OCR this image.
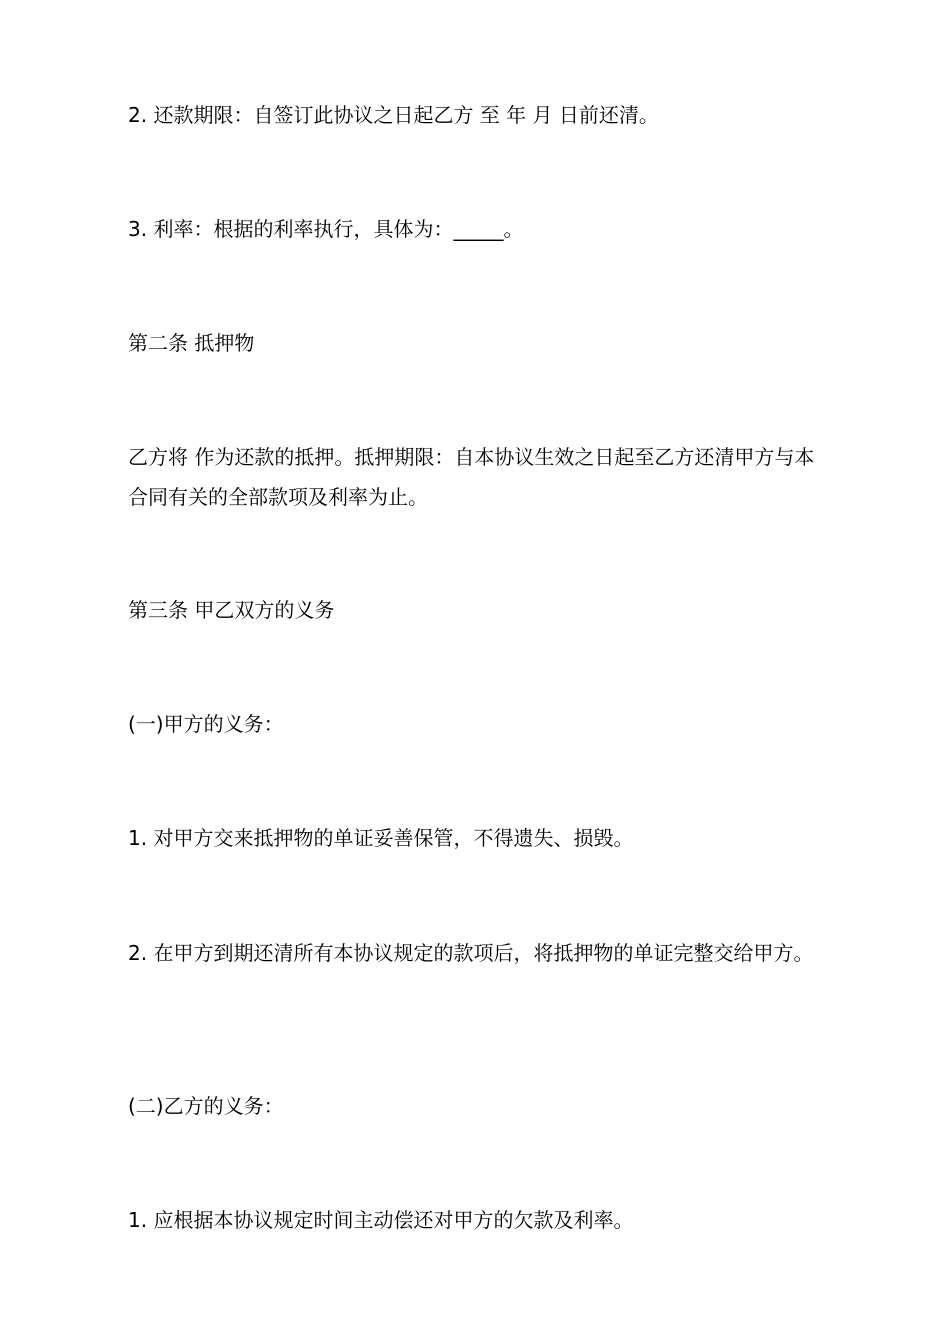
2. 还款期限：自签订此协议之日起乙方 至 年 月 日前还清。

3. 利率：根据的利率执行，具体为：_____。

第二条 抵押物

乙方将 作为还款的抵押。抵押期限：自本协议生效之日起至乙方还清甲方与本合同有关的全部款项及利率为止。

第三条 甲乙双方的义务

(一)甲方的义务：

1. 对甲方交来抵押物的单证妥善保管，不得遗失、损毁。

2. 在甲方到期还清所有本协议规定的款项后，将抵押物的单证完整交给甲方。

(二)乙方的义务：

1. 应根据本协议规定时间主动偿还对甲方的欠款及利率。
